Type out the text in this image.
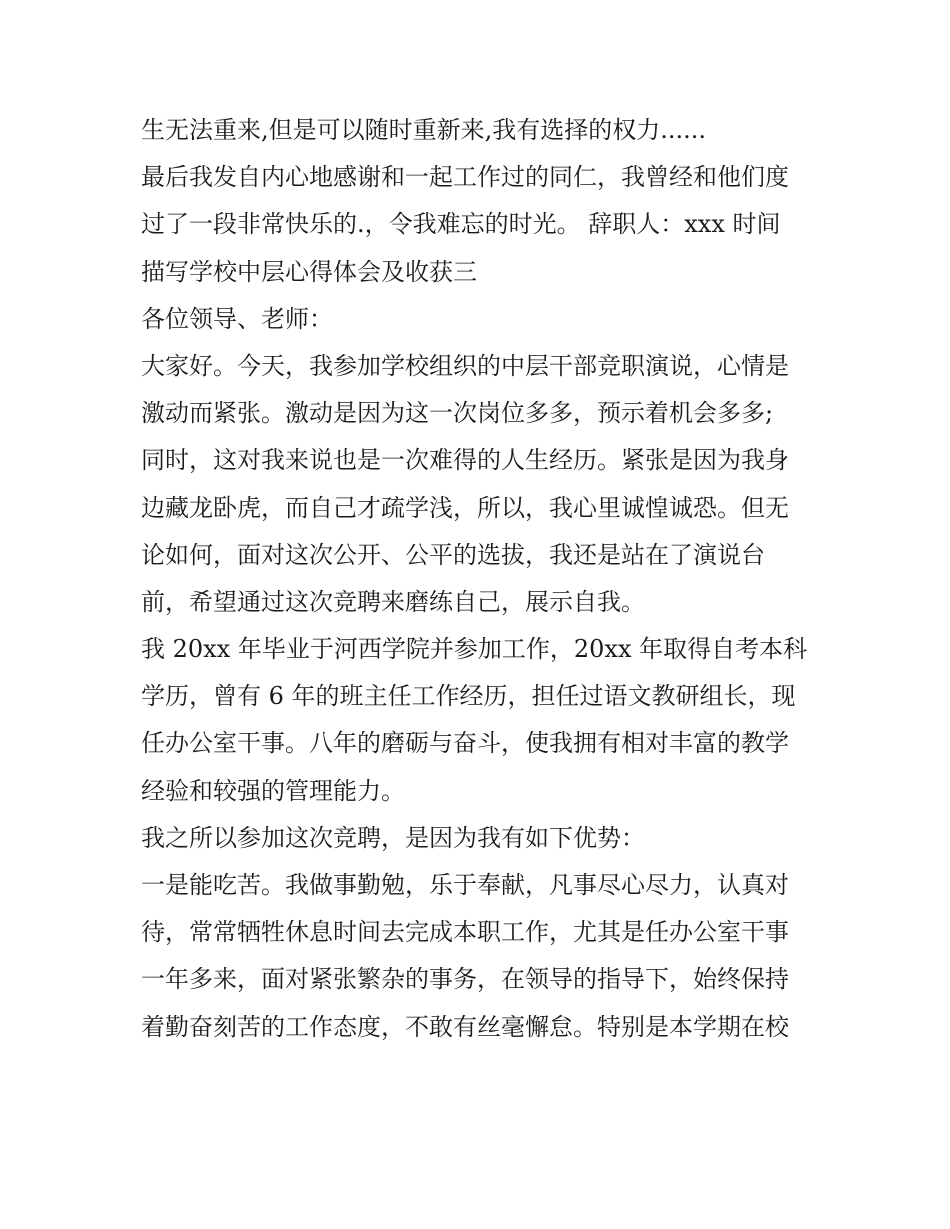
生无法重来,但是可以随时重新来,我有选择的权力......
最后我发自内心地感谢和一起工作过的同仁，我曾经和他们度
过了一段非常快乐的.，令我难忘的时光。 辞职人：xxx 时间
描写学校中层心得体会及收获三
各位领导、老师：
大家好。今天，我参加学校组织的中层干部竞职演说，心情是
激动而紧张。激动是因为这一次岗位多多，预示着机会多多;
同时，这对我来说也是一次难得的人生经历。紧张是因为我身
边藏龙卧虎，而自己才疏学浅，所以，我心里诚惶诚恐。但无
论如何，面对这次公开、公平的选拔，我还是站在了演说台
前，希望通过这次竞聘来磨练自己，展示自我。
我 20xx 年毕业于河西学院并参加工作，20xx 年取得自考本科
学历，曾有 6 年的班主任工作经历，担任过语文教研组长，现
任办公室干事。八年的磨砺与奋斗，使我拥有相对丰富的教学
经验和较强的管理能力。
我之所以参加这次竞聘，是因为我有如下优势：
一是能吃苦。我做事勤勉，乐于奉献，凡事尽心尽力，认真对
待，常常牺牲休息时间去完成本职工作，尤其是任办公室干事
一年多来，面对紧张繁杂的事务，在领导的指导下，始终保持
着勤奋刻苦的工作态度，不敢有丝毫懈怠。特别是本学期在校
